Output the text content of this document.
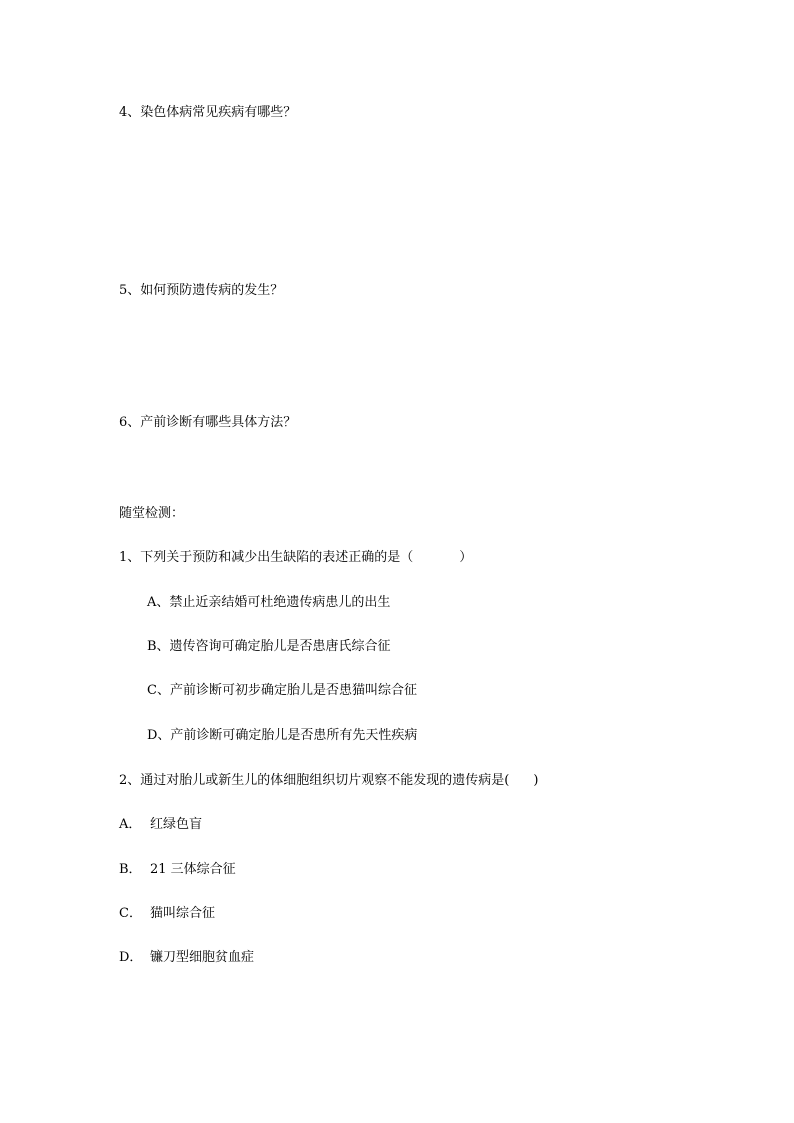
4、染色体病常见疾病有哪些？
5、如何预防遗传病的发生？
6、产前诊断有哪些具体方法？
随堂检测：
1、下列关于预防和减少出生缺陷的表述正确的是（	）
A、禁止近亲结婚可杜绝遗传病患儿的出生
B、遗传咨询可确定胎儿是否患唐氏综合征
C、产前诊断可初步确定胎儿是否患猫叫综合征
D、产前诊断可确定胎儿是否患所有先天性疾病
2、通过对胎儿或新生儿的体细胞组织切片观察不能发现的遗传病是( )
A． 红绿色盲
B． 21 三体综合征
C． 猫叫综合征
D． 镰刀型细胞贫血症
